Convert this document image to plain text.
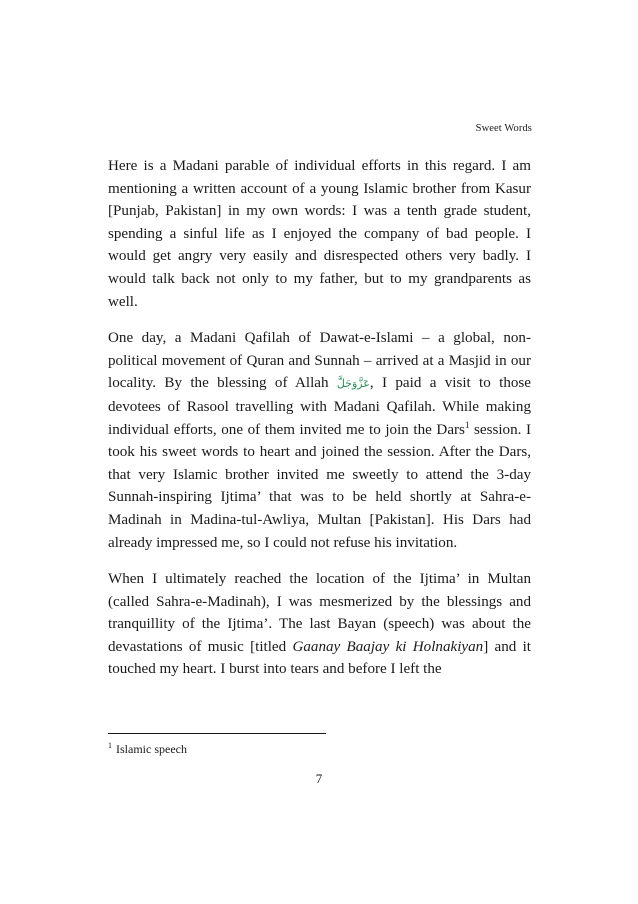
Sweet Words

Here is a Madani parable of individual efforts in this regard. I am mentioning a written account of a young Islamic brother from Kasur [Punjab, Pakistan] in my own words: I was a tenth grade student, spending a sinful life as I enjoyed the company of bad people. I would get angry very easily and disrespected others very badly. I would talk back not only to my father, but to my grandparents as well.

One day, a Madani Qafilah of Dawat-e-Islami – a global, non-political movement of Quran and Sunnah – arrived at a Masjid in our locality. By the blessing of Allah عَزَّوَجَلَّ, I paid a visit to those devotees of Rasool travelling with Madani Qafilah. While making individual efforts, one of them invited me to join the Dars$^1$ session. I took his sweet words to heart and joined the session. After the Dars, that very Islamic brother invited me sweetly to attend the 3-day Sunnah-inspiring Ijtima’ that was to be held shortly at Sahra-e-Madinah in Madina-tul-Awliya, Multan [Pakistan]. His Dars had already impressed me, so I could not refuse his invitation.

When I ultimately reached the location of the Ijtima’ in Multan (called Sahra-e-Madinah), I was mesmerized by the blessings and tranquillity of the Ijtima’. The last Bayan (speech) was about the devastations of music [titled Gaanay Baajay ki Holnakiyan] and it touched my heart. I burst into tears and before I left the

$^1$ Islamic speech
7
